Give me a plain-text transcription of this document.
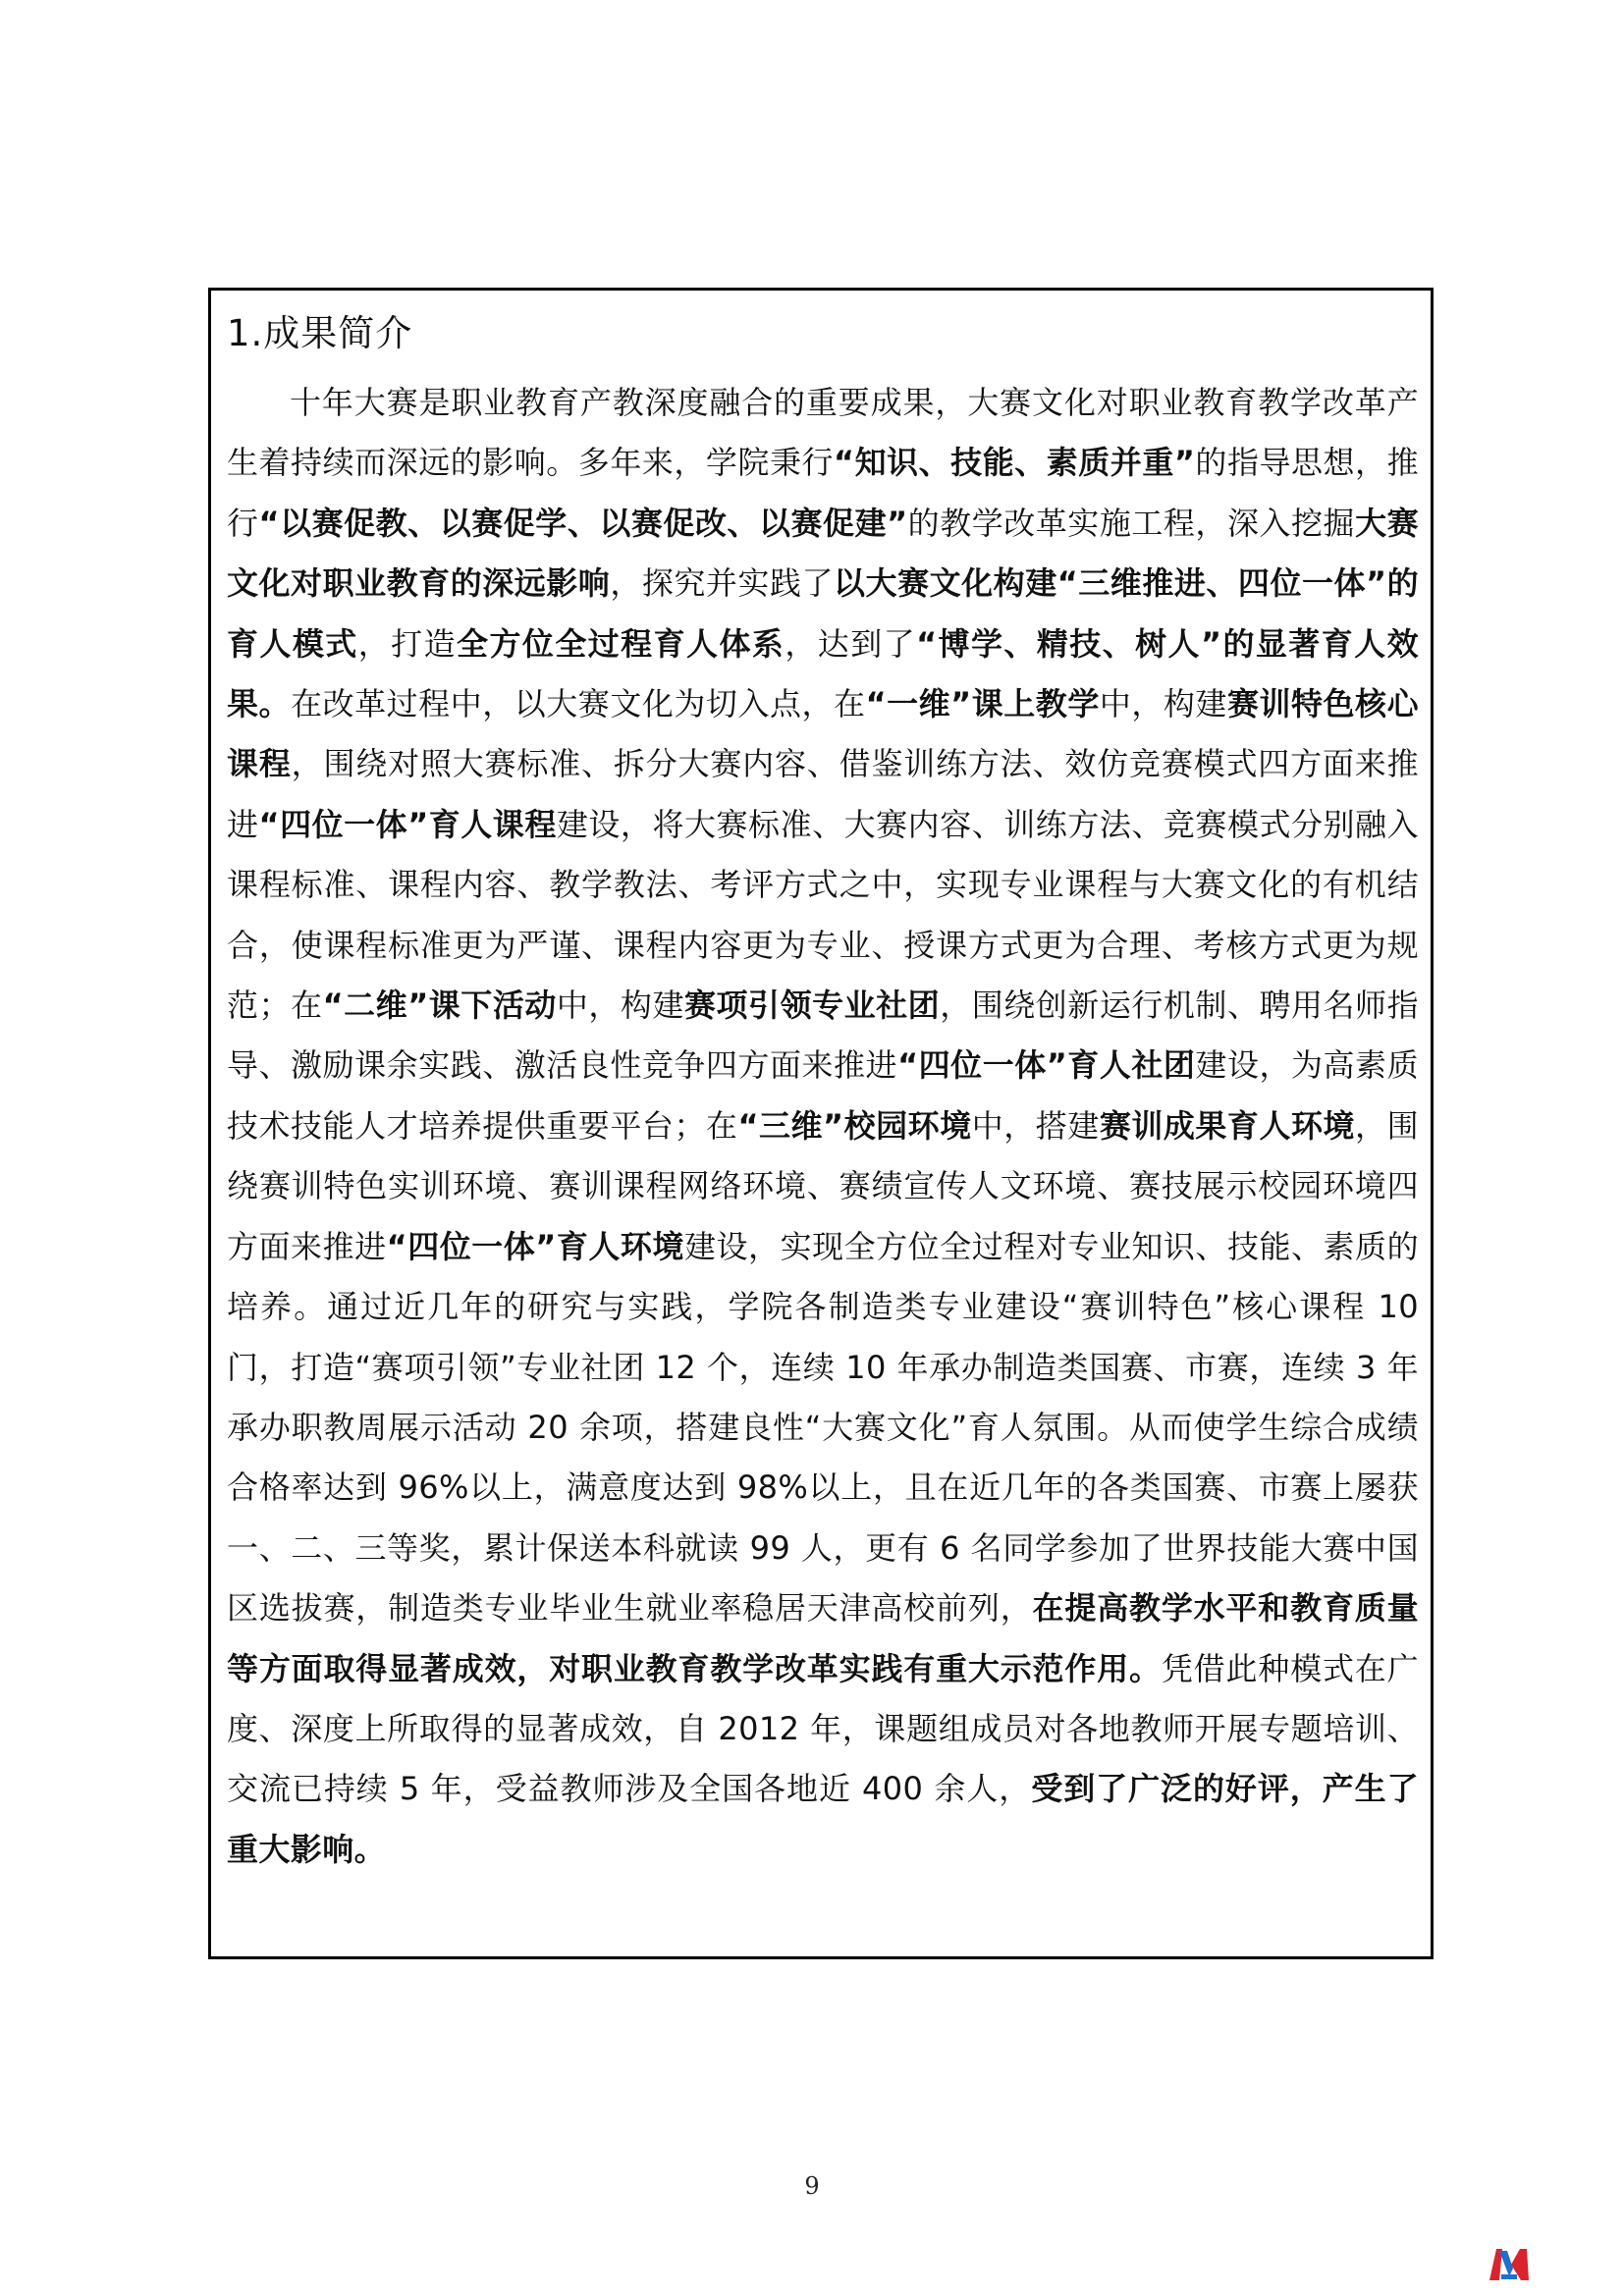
1.成果简介

十年大赛是职业教育产教深度融合的重要成果，大赛文化对职业教育教学改革产生着持续而深远的影响。多年来，学院秉行“知识、技能、素质并重”的指导思想，推行“以赛促教、以赛促学、以赛促改、以赛促建”的教学改革实施工程，深入挖掘大赛文化对职业教育的深远影响，探究并实践了以大赛文化构建“三维推进、四位一体”的育人模式，打造全方位全过程育人体系，达到了“博学、精技、树人”的显著育人效果。在改革过程中，以大赛文化为切入点，在“一维”课上教学中，构建赛训特色核心课程，围绕对照大赛标准、拆分大赛内容、借鉴训练方法、效仿竞赛模式四方面来推进“四位一体”育人课程建设，将大赛标准、大赛内容、训练方法、竞赛模式分别融入课程标准、课程内容、教学教法、考评方式之中，实现专业课程与大赛文化的有机结合，使课程标准更为严谨、课程内容更为专业、授课方式更为合理、考核方式更为规范；在“二维”课下活动中，构建赛项引领专业社团，围绕创新运行机制、聘用名师指导、激励课余实践、激活良性竞争四方面来推进“四位一体”育人社团建设，为高素质技术技能人才培养提供重要平台；在“三维”校园环境中，搭建赛训成果育人环境，围绕赛训特色实训环境、赛训课程网络环境、赛绩宣传人文环境、赛技展示校园环境四方面来推进“四位一体”育人环境建设，实现全方位全过程对专业知识、技能、素质的培养。通过近几年的研究与实践，学院各制造类专业建设“赛训特色”核心课程 10 门，打造“赛项引领”专业社团 12 个，连续 10 年承办制造类国赛、市赛，连续 3 年承办职教周展示活动 20 余项，搭建良性“大赛文化”育人氛围。从而使学生综合成绩合格率达到 96%以上，满意度达到 98%以上，且在近几年的各类国赛、市赛上屡获一、二、三等奖，累计保送本科就读 99 人，更有 6 名同学参加了世界技能大赛中国区选拔赛，制造类专业毕业生就业率稳居天津高校前列，在提高教学水平和教育质量等方面取得显著成效，对职业教育教学改革实践有重大示范作用。凭借此种模式在广度、深度上所取得的显著成效，自 2012 年，课题组成员对各地教师开展专题培训、交流已持续 5 年，受益教师涉及全国各地近 400 余人，受到了广泛的好评，产生了重大影响。

9
